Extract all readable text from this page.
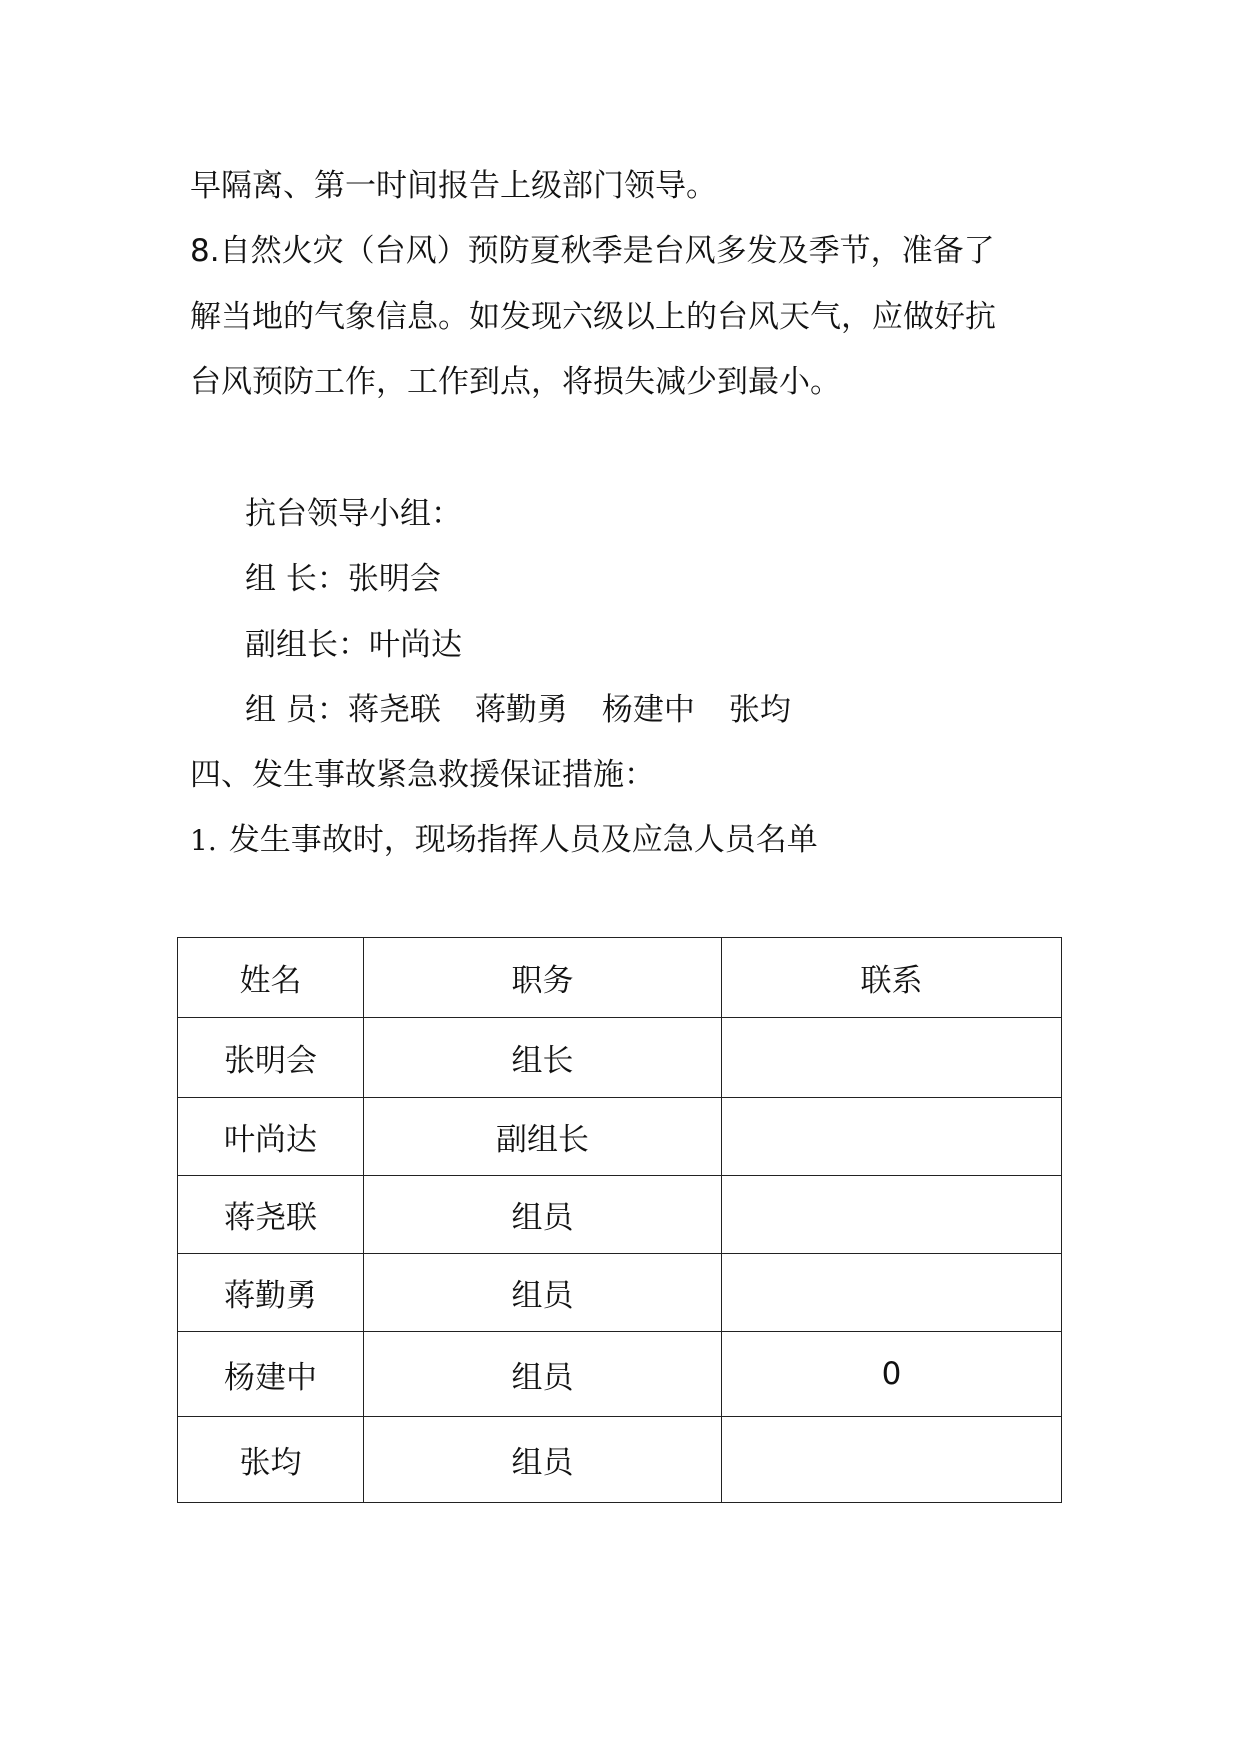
早隔离、第一时间报告上级部门领导。
8.自然火灾（台风）预防夏秋季是台风多发及季节，准备了
解当地的气象信息。如发现六级以上的台风天气，应做好抗
台风预防工作，工作到点，将损失减少到最小。
抗台领导小组：
组 长：张明会
副组长：叶尚达
组 员：蒋尧联 蒋勤勇 杨建中 张均
四、发生事故紧急救援保证措施：
1. 发生事故时，现场指挥人员及应急人员名单
姓名	职务	联系
张明会	组长	
叶尚达	副组长	
蒋尧联	组员	
蒋勤勇	组员	
杨建中	组员	0
张均	组员	
